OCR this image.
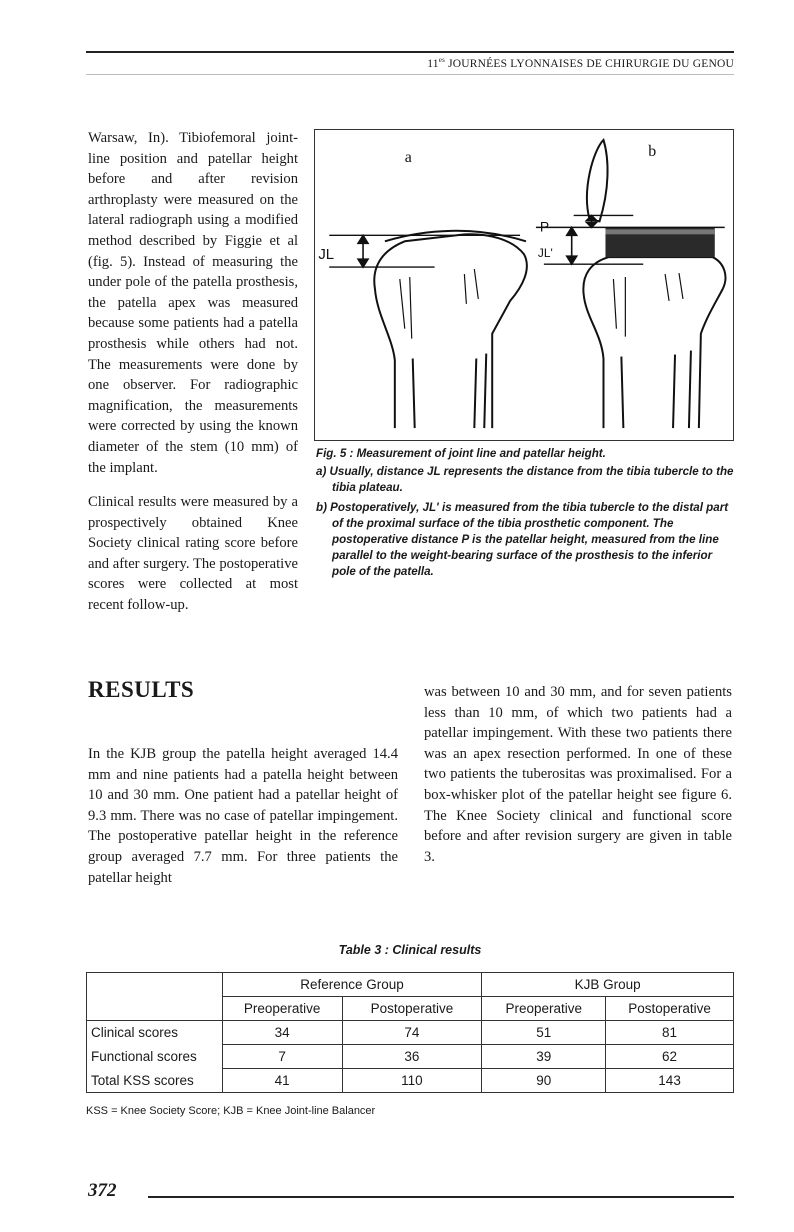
$11^{es}$ JOURNÉES LYONNAISES DE CHIRURGIE DU GENOU

Warsaw, In). Tibiofemoral joint-line position and patellar height before and after revision arthroplasty were measured on the lateral radiograph using a modified method described by Figgie et al (fig. 5). Instead of measuring the under pole of the patella prosthesis, the patella apex was measured because some patients had a patella prosthesis while others had not. The measurements were done by one observer. For radiographic magnification, the measurements were corrected by using the known diameter of the stem (10 mm) of the implant.

Clinical results were measured by a prospectively obtained Knee Society clinical rating score before and after surgery. The postoperative scores were collected at most recent follow-up.

a	b
JL	JL'
P
Fig. 5 : Measurement of joint line and patellar height.
a) Usually, distance JL represents the distance from the tibia tubercle to the tibia plateau.
b) Postoperatively, JL' is measured from the tibia tubercle to the distal part of the proximal surface of the tibia prosthetic component. The postoperative distance P is the patellar height, measured from the line parallel to the weight-bearing surface of the prosthesis to the inferior pole of the patella.
RESULTS
In the KJB group the patella height averaged 14.4 mm and nine patients had a patella height between 10 and 30 mm. One patient had a patellar height of 9.3 mm. There was no case of patellar impingement. The postoperative patellar height in the reference group averaged 7.7 mm. For three patients the patellar height
was between 10 and 30 mm, and for seven patients less than 10 mm, of which two patients had a patellar impingement. With these two patients there was an apex resection performed. In one of these two patients the tuberositas was proximalised. For a box-whisker plot of the patellar height see figure 6. The Knee Society clinical and functional score before and after revision surgery are given in table 3.
Table 3 : Clinical results
	Reference Group		KJB Group	
	Preoperative	Postoperative	Preoperative	Postoperative
Clinical scores	34	74	51	81
Functional scores	7	36	39	62
Total KSS scores	41	110	90	143
KSS = Knee Society Score; KJB = Knee Joint-line Balancer
372
